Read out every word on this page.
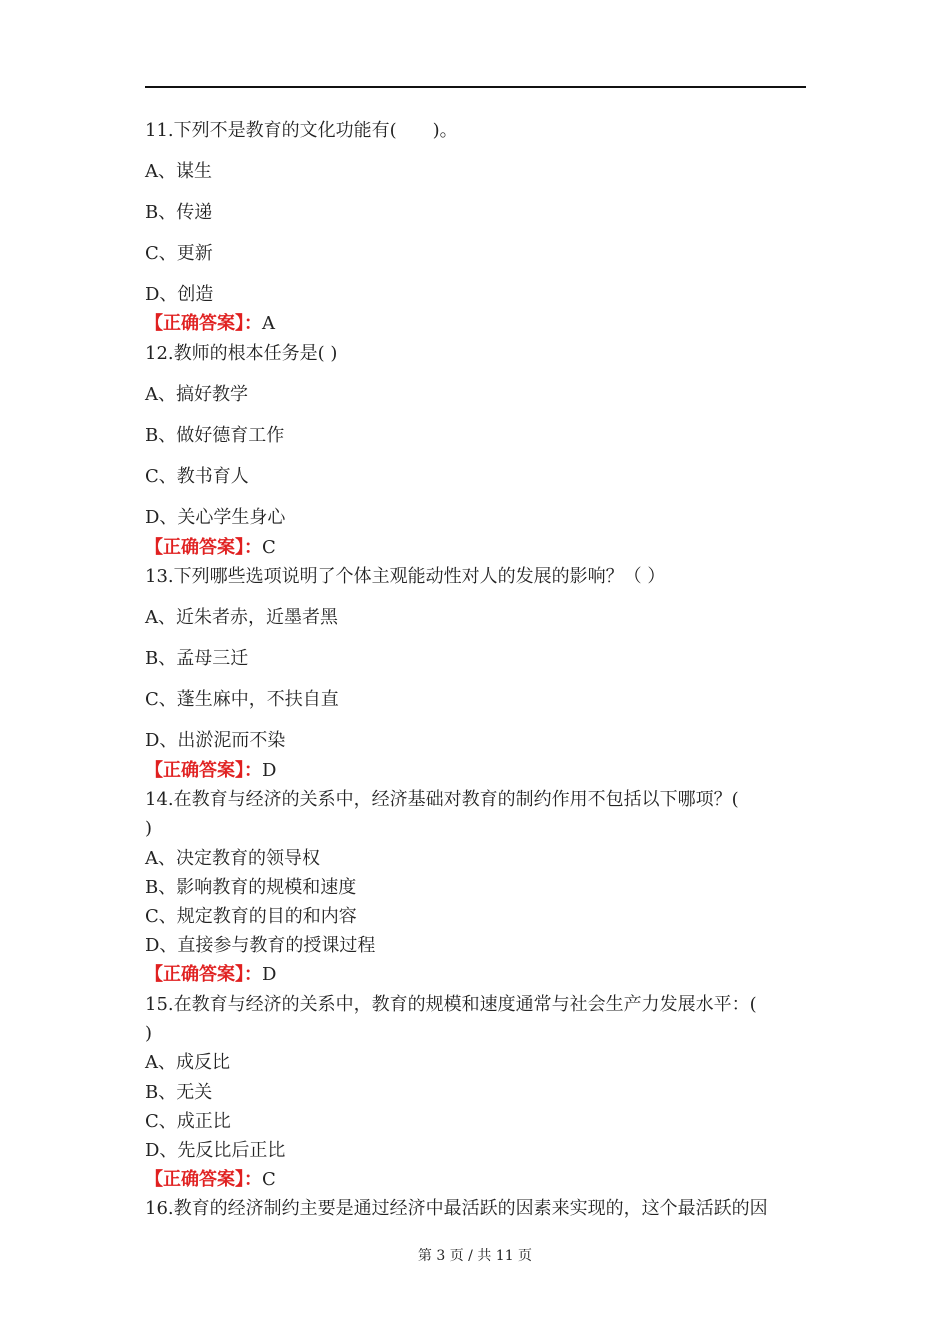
11.下列不是教育的文化功能有(　　)。
A、谋生
B、传递
C、更新
D、创造
【正确答案】：A
12.教师的根本任务是( )
A、搞好教学
B、做好德育工作
C、教书育人
D、关心学生身心
【正确答案】：C
13.下列哪些选项说明了个体主观能动性对人的发展的影响？（ ）
A、近朱者赤，近墨者黑
B、孟母三迁
C、蓬生麻中，不扶自直
D、出淤泥而不染
【正确答案】：D
14.在教育与经济的关系中，经济基础对教育的制约作用不包括以下哪项？(
)
A、决定教育的领导权
B、影响教育的规模和速度
C、规定教育的目的和内容
D、直接参与教育的授课过程
【正确答案】：D
15.在教育与经济的关系中，教育的规模和速度通常与社会生产力发展水平：(
)
A、成反比
B、无关
C、成正比
D、先反比后正比
【正确答案】：C
16.教育的经济制约主要是通过经济中最活跃的因素来实现的，这个最活跃的因
第 3 页 / 共 11 页
